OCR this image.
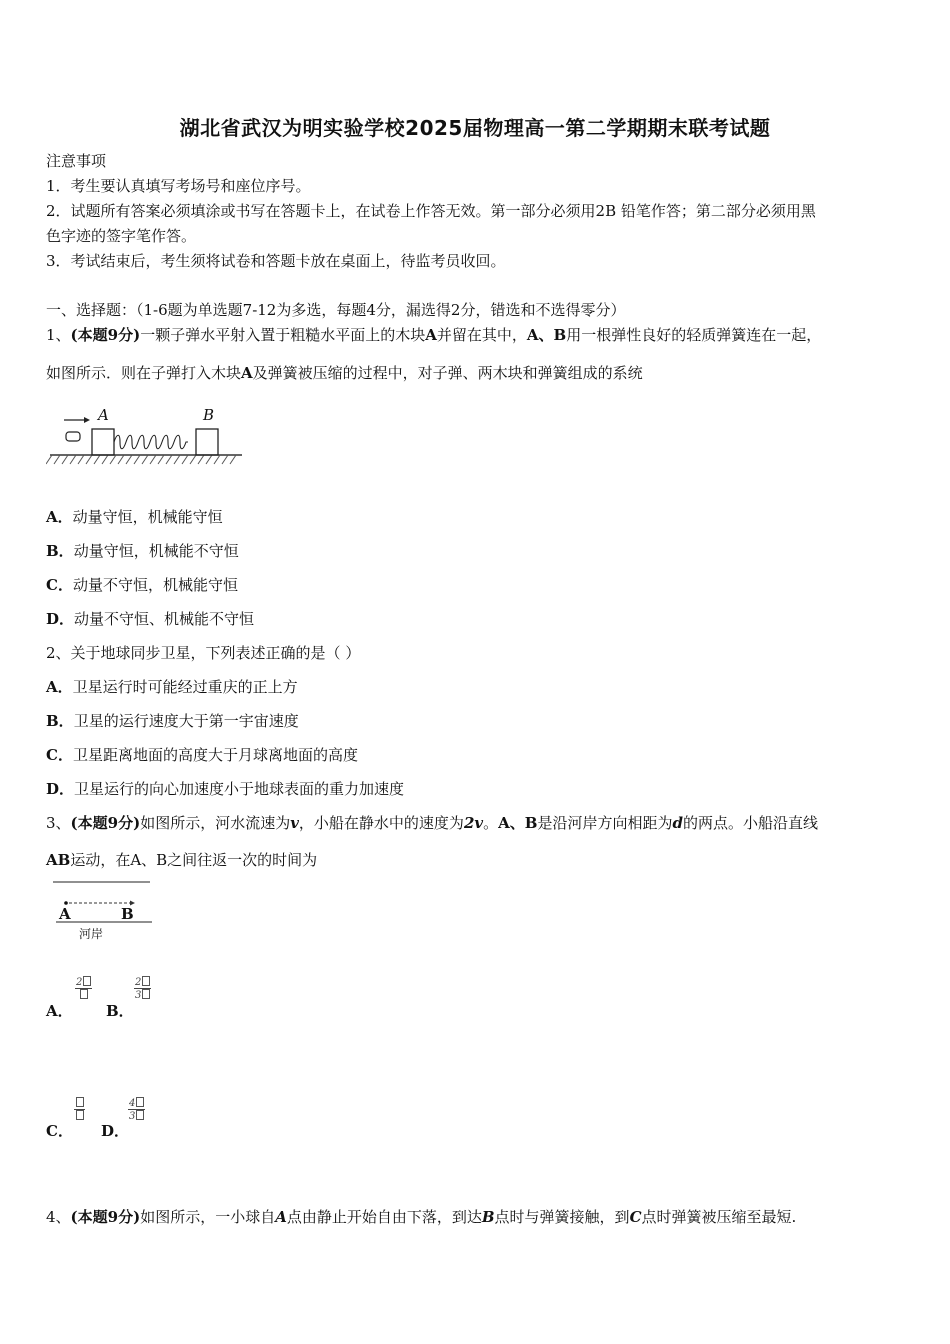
湖北省武汉为明实验学校2025届物理高一第二学期期末联考试题
注意事项
1．考生要认真填写考场号和座位序号。
2．试题所有答案必须填涂或书写在答题卡上，在试卷上作答无效。第一部分必须用2B 铅笔作答；第二部分必须用黑
色字迹的签字笔作答。
3．考试结束后，考生须将试卷和答题卡放在桌面上，待监考员收回。
一、选择题：（1-6题为单选题7-12为多选，每题4分，漏选得2分，错选和不选得零分）
1、(本题9分)一颗子弹水平射入置于粗糙水平面上的木块A并留在其中，A、B用一根弹性良好的轻质弹簧连在一起，
如图所示．则在子弹打入木块A及弹簧被压缩的过程中，对子弹、两木块和弹簧组成的系统
A	B
A．动量守恒，机械能守恒
B．动量守恒，机械能不守恒
C．动量不守恒，机械能守恒
D．动量不守恒、机械能不守恒
2、关于地球同步卫星，下列表述正确的是（ ）
A．卫星运行时可能经过重庆的正上方
B．卫星的运行速度大于第一宇宙速度
C．卫星距离地面的高度大于月球离地面的高度
D．卫星运行的向心加速度小于地球表面的重力加速度
3、(本题9分)如图所示，河水流速为v，小船在静水中的速度为2v。A、B是沿河岸方向相距为d的两点。小船沿直线
AB运动，在A、B之间往返一次的时间为
A	B
河岸
A．
2
B．
$\frac{2}{3}$
C． D．
$\frac{4}{3}$
4、(本题9分)如图所示，一小球自A点由静止开始自由下落，到达B点时与弹簧接触，到C点时弹簧被压缩至最短.
